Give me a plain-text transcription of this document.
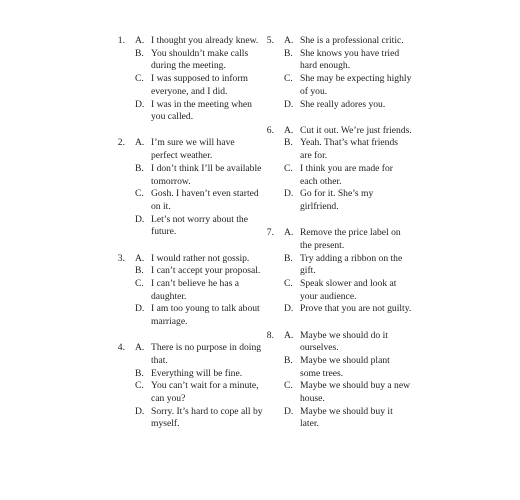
1. A. I thought you already knew.
B. You shouldn’t make calls during the meeting.
C. I was supposed to inform everyone, and I did.
D. I was in the meeting when you called.
2. A. I’m sure we will have perfect weather.
B. I don’t think I’ll be available tomorrow.
C. Gosh. I haven’t even started on it.
D. Let’s not worry about the future.
3. A. I would rather not gossip.
B. I can’t accept your proposal.
C. I can’t believe he has a daughter.
D. I am too young to talk about marriage.
4. A. There is no purpose in doing that.
B. Everything will be fine.
C. You can’t wait for a minute, can you?
D. Sorry. It’s hard to cope all by myself.
5. A. She is a professional critic.
B. She knows you have tried hard enough.
C. She may be expecting highly of you.
D. She really adores you.
6. A. Cut it out. We’re just friends.
B. Yeah. That’s what friends are for.
C. I think you are made for each other.
D. Go for it. She’s my girlfriend.
7. A. Remove the price label on the present.
B. Try adding a ribbon on the gift.
C. Speak slower and look at your audience.
D. Prove that you are not guilty.
8. A. Maybe we should do it ourselves.
B. Maybe we should plant some trees.
C. Maybe we should buy a new house.
D. Maybe we should buy it later.
